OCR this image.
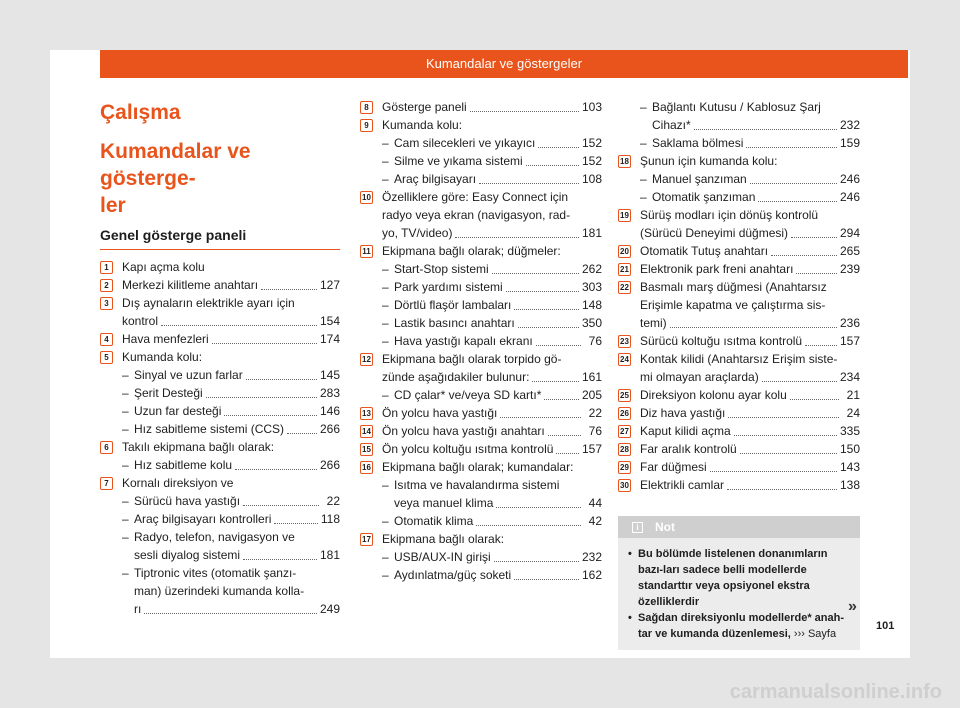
Kumandalar ve göstergeler
Çalışma
Kumandalar ve gösterge-
ler
Genel gösterge paneli
1	Kapı açma kolu
2	Merkezi kilitleme anahtarı	127
3	Dış aynaların elektrikle ayarı için
kontrol	154
4	Hava menfezleri	174
5	Kumanda kolu:
– Sinyal ve uzun farlar	145
– Şerit Desteği	283
– Uzun far desteği	146
– Hız sabitleme sistemi (CCS)	266
6	Takılı ekipmana bağlı olarak:
– Hız sabitleme kolu	266
7	Kornalı direksiyon ve
– Sürücü hava yastığı	22
– Araç bilgisayarı kontrolleri	118
– Radyo, telefon, navigasyon ve
sesli diyalog sistemi	181
– Tiptronic vites (otomatik şanzı-
man) üzerindeki kumanda kolla-
rı	249
8	Gösterge paneli	103
9	Kumanda kolu:
– Cam silecekleri ve yıkayıcı	152
– Silme ve yıkama sistemi	152
– Araç bilgisayarı	108
10 Özelliklere göre: Easy Connect için
radyo veya ekran (navigasyon, rad-
yo, TV/video)	181
11 Ekipmana bağlı olarak; düğmeler:
– Start-Stop sistemi	262
– Park yardımı sistemi	303
– Dörtlü flaşör lambaları	148
– Lastik basıncı anahtarı	350
– Hava yastığı kapalı ekranı	76
12 Ekipmana bağlı olarak torpido gö-
zünde aşağıdakiler bulunur:	161
– CD çalar* ve/veya SD kartı*	205
13 Ön yolcu hava yastığı	22
14 Ön yolcu hava yastığı anahtarı	76
15 Ön yolcu koltuğu ısıtma kontrolü 157
16 Ekipmana bağlı olarak; kumandalar:
– Isıtma ve havalandırma sistemi
veya manuel klima	44
– Otomatik klima	42
17 Ekipmana bağlı olarak:
– USB/AUX-IN girişi	232
– Aydınlatma/güç soketi	162
– Bağlantı Kutusu / Kablosuz Şarj
Cihazı*	232
– Saklama bölmesi	159
18 Şunun için kumanda kolu:
– Manuel şanzıman	246
– Otomatik şanzıman	246
19 Sürüş modları için dönüş kontrolü
(Sürücü Deneyimi düğmesi)	294
20 Otomatik Tutuş anahtarı	265
21 Elektronik park freni anahtarı	239
22 Basmalı marş düğmesi (Anahtarsız
Erişimle kapatma ve çalıştırma sis-
temi)	236
23 Sürücü koltuğu ısıtma kontrolü	157
24 Kontak kilidi (Anahtarsız Erişim siste-
mi olmayan araçlarda)	234
25 Direksiyon kolonu ayar kolu	21
26 Diz hava yastığı	24
27 Kaput kilidi açma	335
28 Far aralık kontrolü	150
29 Far düğmesi	143
30 Elektrikli camlar	138
i	Not
• Bu bölümde listelenen donanımların bazı-ları sadece belli modellerde standarttır veya opsiyonel ekstra özelliklerdir
• Sağdan direksiyonlu modellerde* anah-tar ve kumanda düzenlemesi, ››› Sayfa
»
101
carmanualsonline.info
